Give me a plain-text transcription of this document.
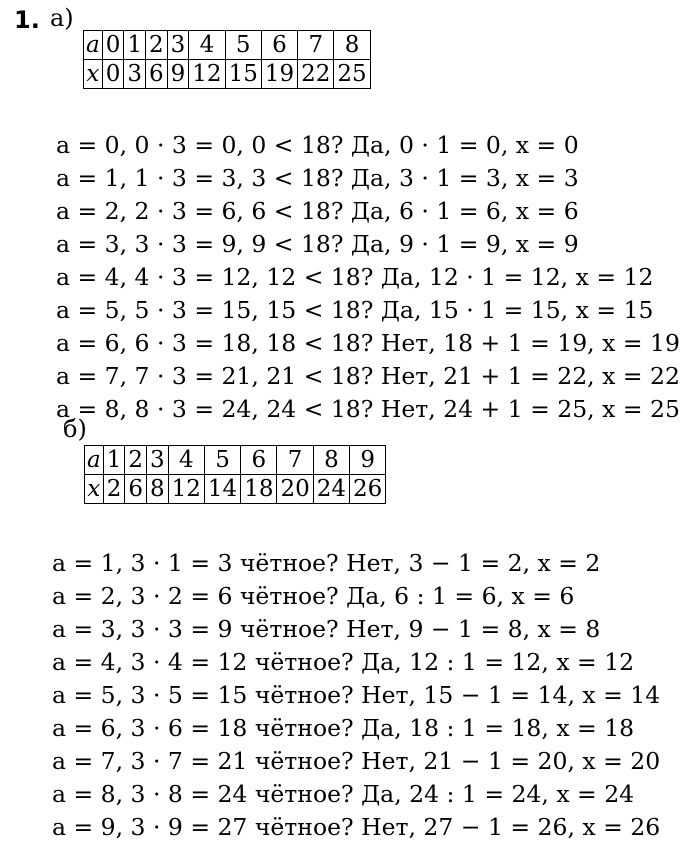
1. а)
a	0	1	2	3	4	5	6	7	8
x	0	3	6	9	12	15	19	22	25
a = 0, 0 · 3 = 0, 0 < 18? Да, 0 · 1 = 0, x = 0
a = 1, 1 · 3 = 3, 3 < 18? Да, 3 · 1 = 3, x = 3
a = 2, 2 · 3 = 6, 6 < 18? Да, 6 · 1 = 6, x = 6
a = 3, 3 · 3 = 9, 9 < 18? Да, 9 · 1 = 9, x = 9
a = 4, 4 · 3 = 12, 12 < 18? Да, 12 · 1 = 12, x = 12
a = 5, 5 · 3 = 15, 15 < 18? Да, 15 · 1 = 15, x = 15
a = 6, 6 · 3 = 18, 18 < 18? Нет, 18 + 1 = 19, x = 19
a = 7, 7 · 3 = 21, 21 < 18? Нет, 21 + 1 = 22, x = 22
a = 8, 8 · 3 = 24, 24 < 18? Нет, 24 + 1 = 25, x = 25
б)
a	1	2	3	4	5	6	7	8	9
x	2	6	8	12	14	18	20	24	26
a = 1, 3 · 1 = 3 чётное? Нет, 3 − 1 = 2, x = 2
a = 2, 3 · 2 = 6 чётное? Да, 6 : 1 = 6, x = 6
a = 3, 3 · 3 = 9 чётное? Нет, 9 − 1 = 8, x = 8
a = 4, 3 · 4 = 12 чётное? Да, 12 : 1 = 12, x = 12
a = 5, 3 · 5 = 15 чётное? Нет, 15 − 1 = 14, x = 14
a = 6, 3 · 6 = 18 чётное? Да, 18 : 1 = 18, x = 18
a = 7, 3 · 7 = 21 чётное? Нет, 21 − 1 = 20, x = 20
a = 8, 3 · 8 = 24 чётное? Да, 24 : 1 = 24, x = 24
a = 9, 3 · 9 = 27 чётное? Нет, 27 − 1 = 26, x = 26
